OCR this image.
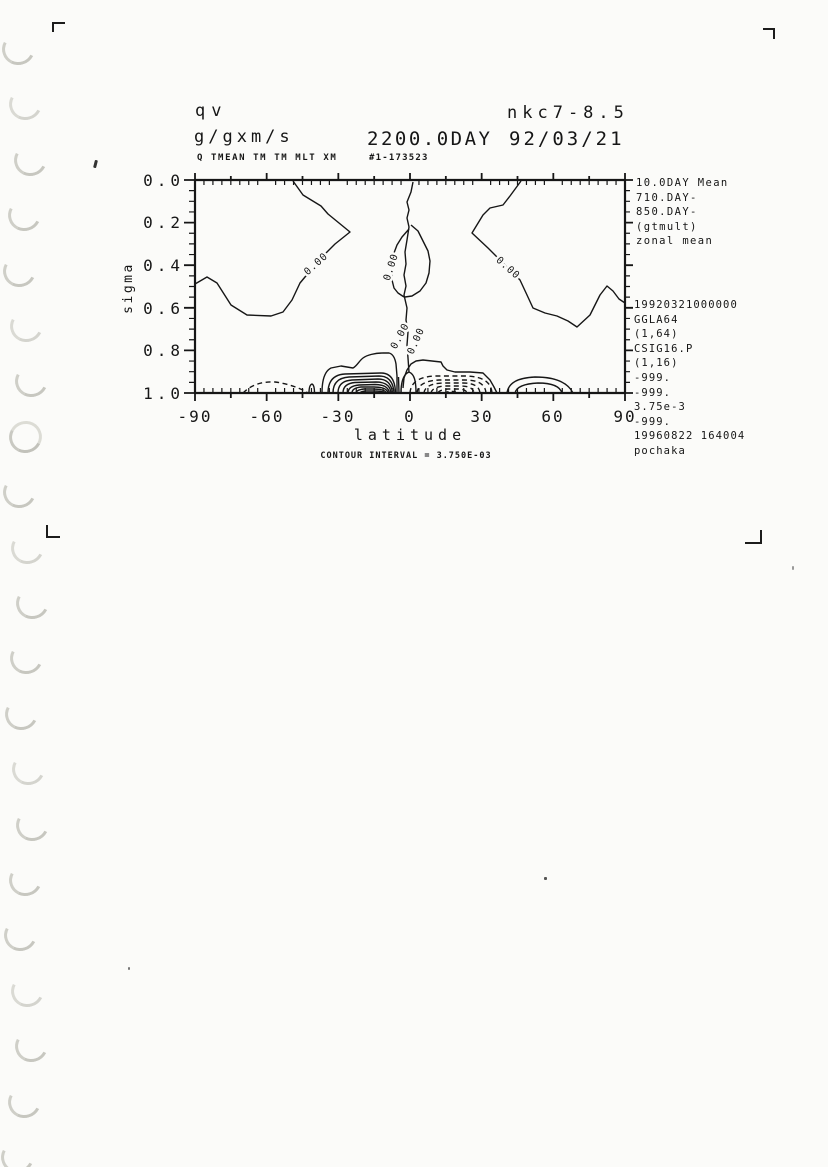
qv
g/gxm/s	2200.0DAY 92/03/21
nkc7-8.5
Q TMEAN TM TM MLT XM	#1-173523
0.00	0.00	0.00
0.00
0.00
0.0
0.2
0.4
0.6
0.8
1.0
sigma
-90	-60	-30	0	30	60	90
latitude
CONTOUR INTERVAL = 3.750E-03
10.0DAY Mean
710.DAY-
850.DAY-
(gtmult)
zonal mean
19920321000000
GGLA64
(1,64)
CSIG16.P
(1,16)
-999.
-999.
3.75e-3
-999.
19960822 164004
pochaka
